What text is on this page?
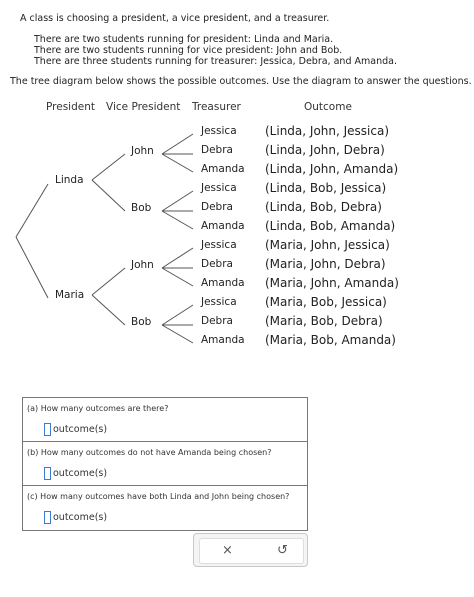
A class is choosing a president, a vice president, and a treasurer.
There are two students running for president: Linda and Maria.
There are two students running for vice president: John and Bob.
There are three students running for treasurer: Jessica, Debra, and Amanda.
The tree diagram below shows the possible outcomes. Use the diagram to answer the questions.
President Vice President Treasurer	Outcome
Linda
Maria
John
Bob
John
Bob
Jessica
Debra
Amanda
Jessica
Debra
Amanda
Jessica
Debra
Amanda
Jessica
Debra
Amanda
(Linda, John, Jessica)
(Linda, John, Debra)
(Linda, John, Amanda)
(Linda, Bob, Jessica)
(Linda, Bob, Debra)
(Linda, Bob, Amanda)
(Maria, John, Jessica)
(Maria, John, Debra)
(Maria, John, Amanda)
(Maria, Bob, Jessica)
(Maria, Bob, Debra)
(Maria, Bob, Amanda)
(a) How many outcomes are there?
outcome(s)
(b) How many outcomes do not have Amanda being chosen?
outcome(s)
(c) How many outcomes have both Linda and John being chosen?
outcome(s)
×	↺
